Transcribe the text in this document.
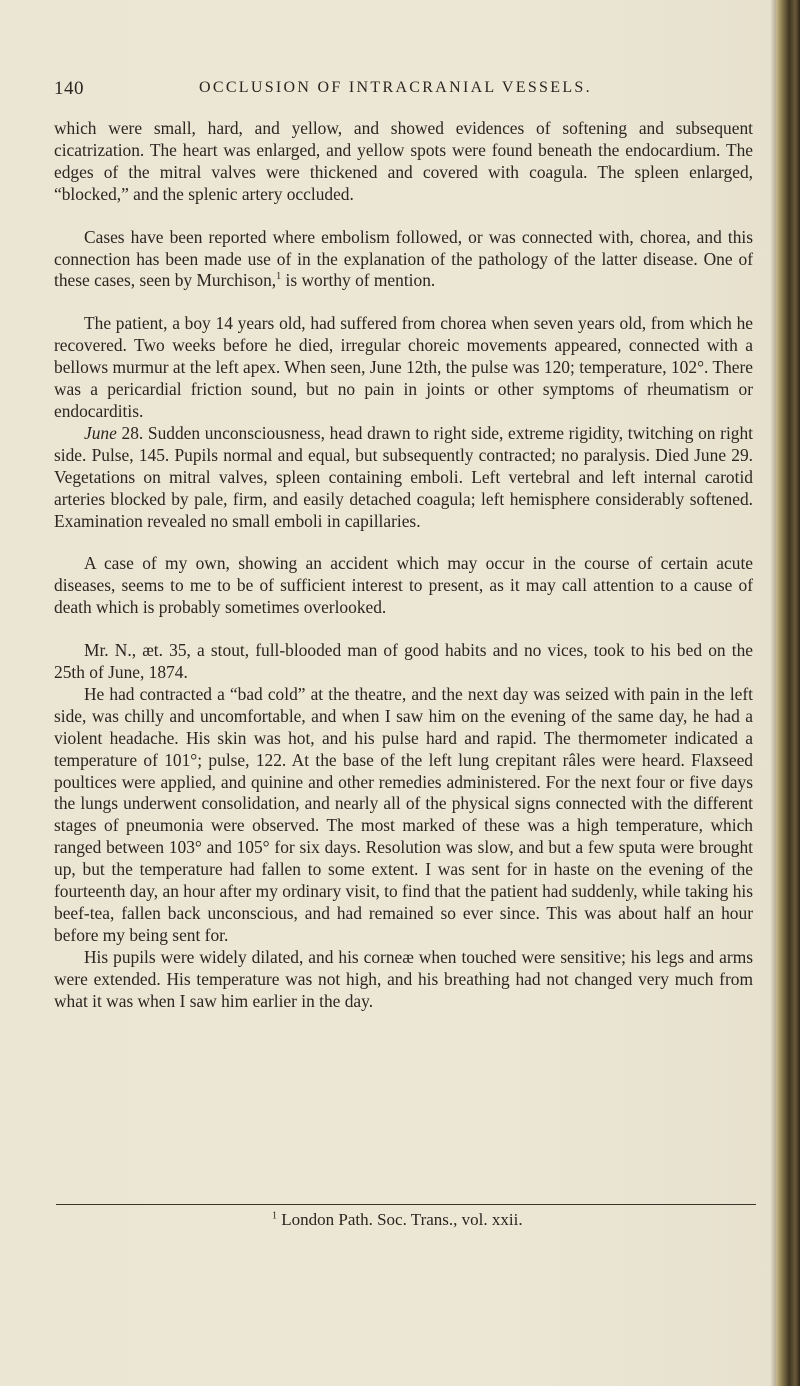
140	OCCLUSION OF INTRACRANIAL VESSELS.

which were small, hard, and yellow, and showed evidences of softening and subsequent cicatrization. The heart was enlarged, and yellow spots were found beneath the endocardium. The edges of the mitral valves were thickened and covered with coagula. The spleen enlarged, “blocked,” and the splenic artery occluded.

Cases have been reported where embolism followed, or was connected with, chorea, and this connection has been made use of in the explanation of the pathology of the latter disease. One of these cases, seen by Murchison,$^1$ is worthy of mention.

The patient, a boy 14 years old, had suffered from chorea when seven years old, from which he recovered. Two weeks before he died, irregular choreic movements appeared, connected with a bellows murmur at the left apex. When seen, June 12th, the pulse was 120; temperature, 102°. There was a pericardial friction sound, but no pain in joints or other symptoms of rheumatism or endocarditis.

June 28. Sudden unconsciousness, head drawn to right side, extreme rigidity, twitching on right side. Pulse, 145. Pupils normal and equal, but subsequently contracted; no paralysis. Died June 29. Vegetations on mitral valves, spleen containing emboli. Left vertebral and left internal carotid arteries blocked by pale, firm, and easily detached coagula; left hemisphere considerably softened. Examination revealed no small emboli in capillaries.

A case of my own, showing an accident which may occur in the course of certain acute diseases, seems to me to be of sufficient interest to present, as it may call attention to a cause of death which is probably sometimes overlooked.

Mr. N., æt. 35, a stout, full-blooded man of good habits and no vices, took to his bed on the 25th of June, 1874.

He had contracted a “bad cold” at the theatre, and the next day was seized with pain in the left side, was chilly and uncomfortable, and when I saw him on the evening of the same day, he had a violent headache. His skin was hot, and his pulse hard and rapid. The thermometer indicated a temperature of 101°; pulse, 122. At the base of the left lung crepitant râles were heard. Flaxseed poultices were applied, and quinine and other remedies administered. For the next four or five days the lungs underwent consolidation, and nearly all of the physical signs connected with the different stages of pneumonia were observed. The most marked of these was a high temperature, which ranged between 103° and 105° for six days. Resolution was slow, and but a few sputa were brought up, but the temperature had fallen to some extent. I was sent for in haste on the evening of the fourteenth day, an hour after my ordinary visit, to find that the patient had suddenly, while taking his beef-tea, fallen back unconscious, and had remained so ever since. This was about half an hour before my being sent for.

His pupils were widely dilated, and his corneæ when touched were sensitive; his legs and arms were extended. His temperature was not high, and his breathing had not changed very much from what it was when I saw him earlier in the day.

$^1$ London Path. Soc. Trans., vol. xxii.
